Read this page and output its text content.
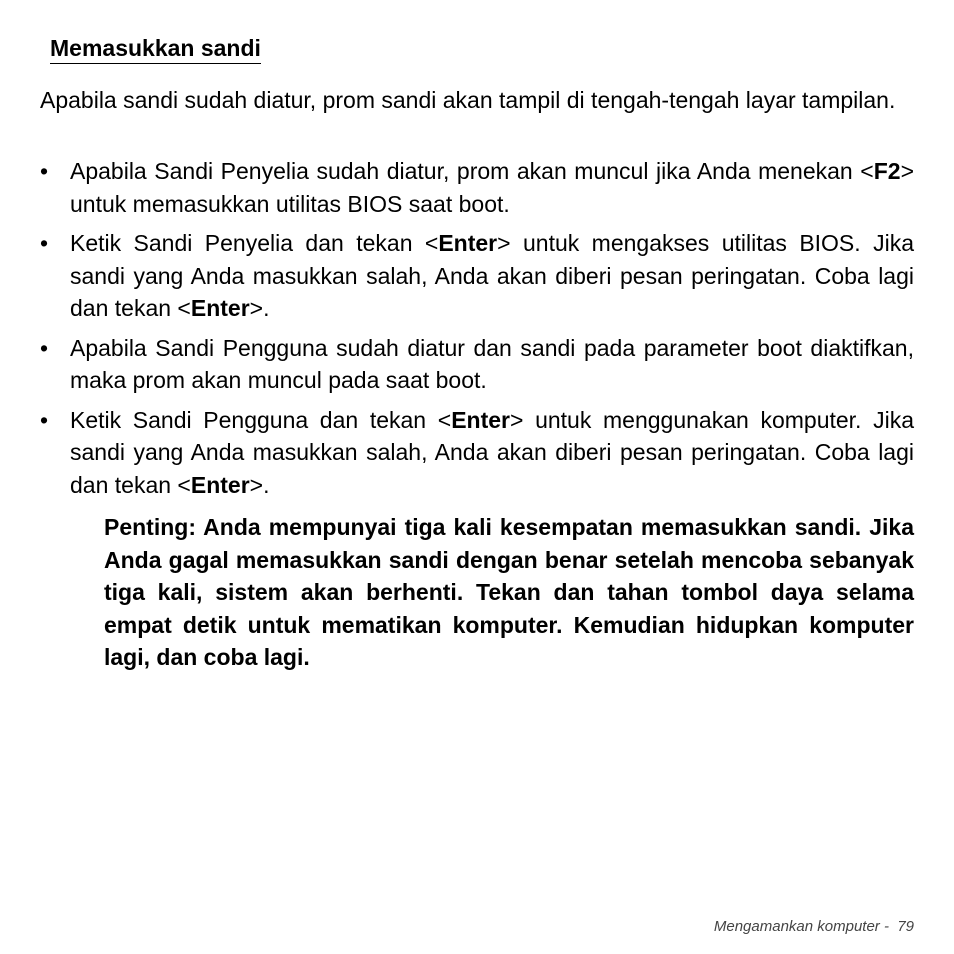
Memasukkan sandi

Apabila sandi sudah diatur, prom sandi akan tampil di tengah-tengah layar tampilan.

• Apabila Sandi Penyelia sudah diatur, prom akan muncul jika Anda menekan <F2> untuk memasukkan utilitas BIOS saat boot.
• Ketik Sandi Penyelia dan tekan <Enter> untuk mengakses utilitas BIOS. Jika sandi yang Anda masukkan salah, Anda akan diberi pesan peringatan. Coba lagi dan tekan <Enter>.
• Apabila Sandi Pengguna sudah diatur dan sandi pada parameter boot diaktifkan, maka prom akan muncul pada saat boot.
• Ketik Sandi Pengguna dan tekan <Enter> untuk menggunakan komputer. Jika sandi yang Anda masukkan salah, Anda akan diberi pesan peringatan. Coba lagi dan tekan <Enter>.

Penting: Anda mempunyai tiga kali kesempatan memasukkan sandi. Jika Anda gagal memasukkan sandi dengan benar setelah mencoba sebanyak tiga kali, sistem akan berhenti. Tekan dan tahan tombol daya selama empat detik untuk mematikan komputer. Kemudian hidupkan komputer lagi, dan coba lagi.

Mengamankan komputer - 79
